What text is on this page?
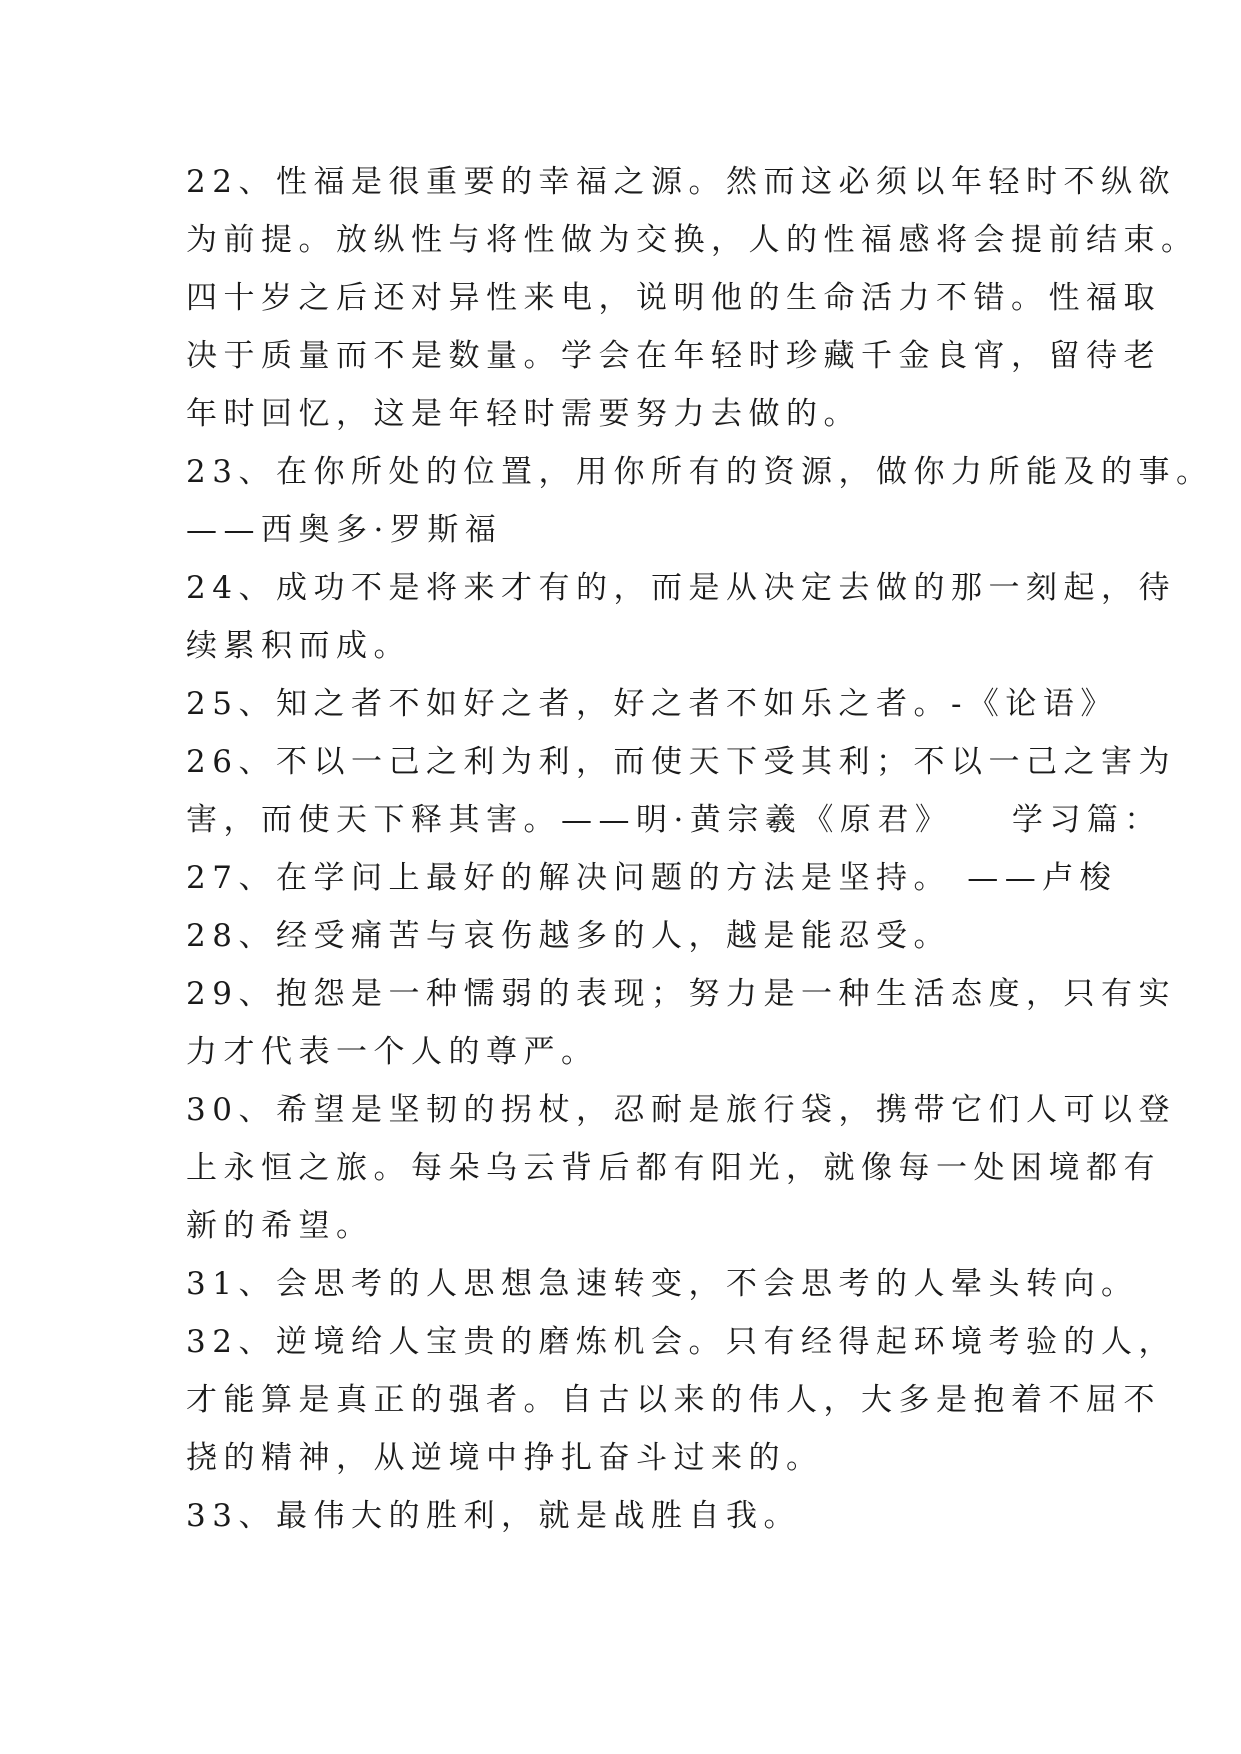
22、性福是很重要的幸福之源。然而这必须以年轻时不纵欲
为前提。放纵性与将性做为交换，人的性福感将会提前结束。
四十岁之后还对异性来电，说明他的生命活力不错。性福取
决于质量而不是数量。学会在年轻时珍藏千金良宵，留待老
年时回忆，这是年轻时需要努力去做的。
23、在你所处的位置，用你所有的资源，做你力所能及的事。
——西奥多·罗斯福
24、成功不是将来才有的，而是从决定去做的那一刻起，待
续累积而成。
25、知之者不如好之者，好之者不如乐之者。-《论语》
26、不以一己之利为利，而使天下受其利；不以一己之害为
害，而使天下释其害。——明·黄宗羲《原君》　　学习篇：
27、在学问上最好的解决问题的方法是坚持。 ——卢梭
28、经受痛苦与哀伤越多的人，越是能忍受。
29、抱怨是一种懦弱的表现；努力是一种生活态度，只有实
力才代表一个人的尊严。
30、希望是坚韧的拐杖，忍耐是旅行袋，携带它们人可以登
上永恒之旅。每朵乌云背后都有阳光，就像每一处困境都有
新的希望。
31、会思考的人思想急速转变，不会思考的人晕头转向。
32、逆境给人宝贵的磨炼机会。只有经得起环境考验的人，
才能算是真正的强者。自古以来的伟人，大多是抱着不屈不
挠的精神，从逆境中挣扎奋斗过来的。
33、最伟大的胜利，就是战胜自我。
